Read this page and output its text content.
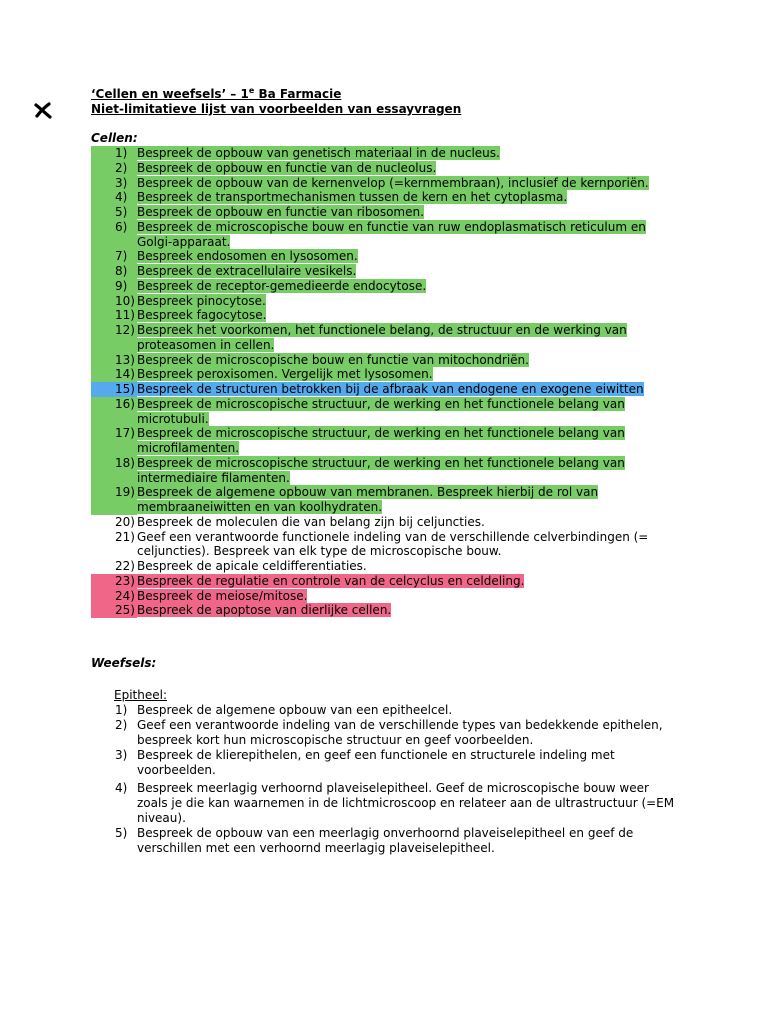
‘Cellen en weefsels’ – 1e Ba Farmacie
Niet-limitatieve lijst van voorbeelden van essayvragen
Cellen:
1) Bespreek de opbouw van genetisch materiaal in de nucleus.
2) Bespreek de opbouw en functie van de nucleolus.
3) Bespreek de opbouw van de kernenvelop (=kernmembraan), inclusief de kernporiën.
4) Bespreek de transportmechanismen tussen de kern en het cytoplasma.
5) Bespreek de opbouw en functie van ribosomen.
6) Bespreek de microscopische bouw en functie van ruw endoplasmatisch reticulum en Golgi-apparaat.
7) Bespreek endosomen en lysosomen.
8) Bespreek de extracellulaire vesikels.
9) Bespreek de receptor-gemedieerde endocytose.
10) Bespreek pinocytose.
11) Bespreek fagocytose.
12) Bespreek het voorkomen, het functionele belang, de structuur en de werking van proteasomen in cellen.
13) Bespreek de microscopische bouw en functie van mitochondriën.
14) Bespreek peroxisomen. Vergelijk met lysosomen.
15) Bespreek de structuren betrokken bij de afbraak van endogene en exogene eiwitten
16) Bespreek de microscopische structuur, de werking en het functionele belang van microtubuli.
17) Bespreek de microscopische structuur, de werking en het functionele belang van microfilamenten.
18) Bespreek de microscopische structuur, de werking en het functionele belang van intermediaire filamenten.
19) Bespreek de algemene opbouw van membranen. Bespreek hierbij de rol van membraaneiwitten en van koolhydraten.
20) Bespreek de moleculen die van belang zijn bij celjuncties.
21) Geef een verantwoorde functionele indeling van de verschillende celverbindingen (= celjuncties). Bespreek van elk type de microscopische bouw.
22) Bespreek de apicale celdifferentiaties.
23) Bespreek de regulatie en controle van de celcyclus en celdeling.
24) Bespreek de meiose/mitose.
25) Bespreek de apoptose van dierlijke cellen.
Weefsels:
Epitheel:
1) Bespreek de algemene opbouw van een epitheelcel.
2) Geef een verantwoorde indeling van de verschillende types van bedekkende epithelen, bespreek kort hun microscopische structuur en geef voorbeelden.
3) Bespreek de klierepithelen, en geef een functionele en structurele indeling met voorbeelden.
4) Bespreek meerlagig verhoornd plaveiselepitheel. Geef de microscopische bouw weer zoals je die kan waarnemen in de lichtmicroscoop en relateer aan de ultrastructuur (=EM niveau).
5) Bespreek de opbouw van een meerlagig onverhoornd plaveiselepitheel en geef de verschillen met een verhoornd meerlagig plaveiselepitheel.
